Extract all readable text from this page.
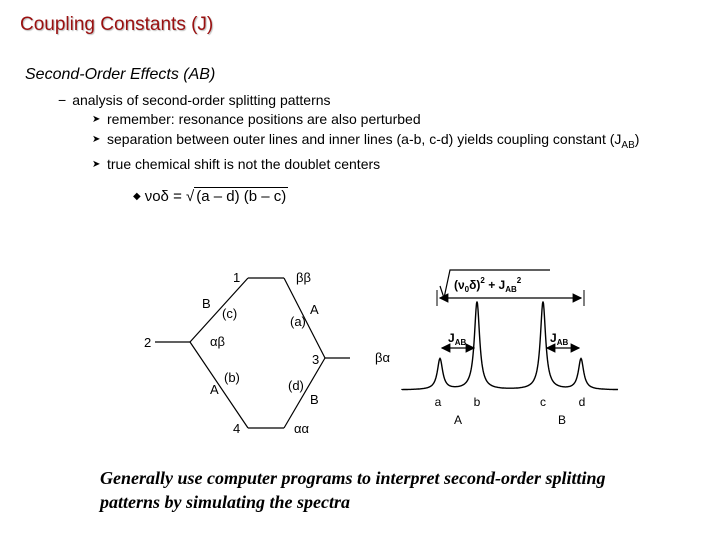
Coupling Constants (J)
Second-Order Effects (AB)
− analysis of second-order splitting patterns
➤ remember: resonance positions are also perturbed
➤ separation between outer lines and inner lines (a-b, c-d) yields coupling constant $(J_{AB})$
➤ true chemical shift is not the doublet centers
◆ νoδ = √ (a – d) (b – c)
1	ββ
2	αβ
3
4	αα
B
(c)	A
(a)
A
(b)
B
(d)
βα
$(\nu_0\delta)^2 + J_{AB}^2$
$J_{AB}$	$J_{AB}$
a	b	c	d
A	B
Generally use computer programs to interpret second-order splitting patterns by simulating the spectra
